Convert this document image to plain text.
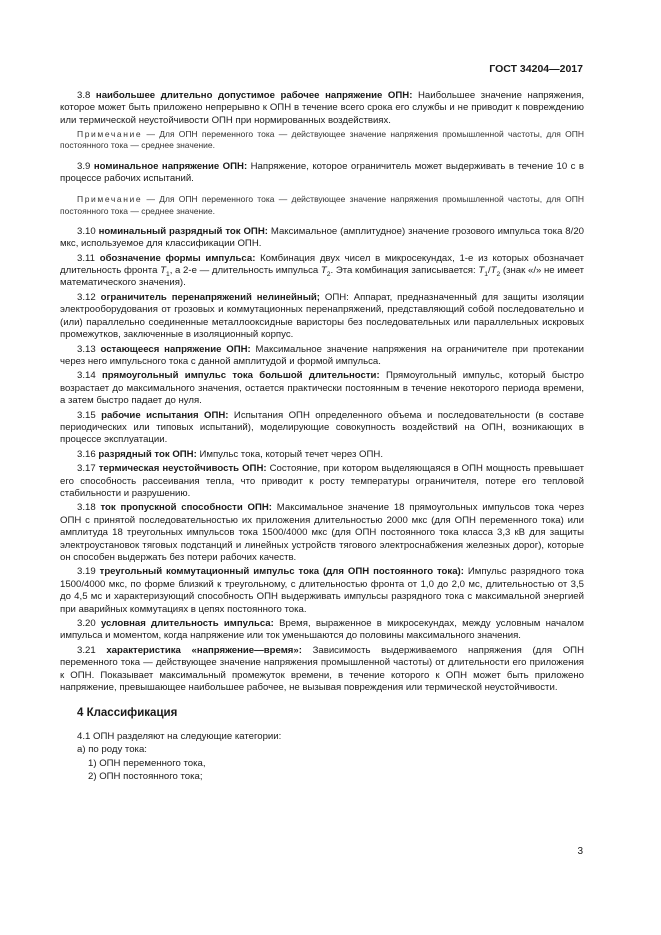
ГОСТ 34204—2017

3.8 наибольшее длительно допустимое рабочее напряжение ОПН: Наибольшее значение напряжения, которое может быть приложено непрерывно к ОПН в течение всего срока его службы и не приводит к повреждению или термической неустойчивости ОПН при нормированных воздействиях.

Примечание — Для ОПН переменного тока — действующее значение напряжения промышленной частоты, для ОПН постоянного тока — среднее значение.

3.9 номинальное напряжение ОПН: Напряжение, которое ограничитель может выдерживать в течение 10 с в процессе рабочих испытаний.

Примечание — Для ОПН переменного тока — действующее значение напряжения промышленной частоты, для ОПН постоянного тока — среднее значение.

3.10 номинальный разрядный ток ОПН: Максимальное (амплитудное) значение грозового импульса тока 8/20 мкс, используемое для классификации ОПН.

3.11 обозначение формы импульса: Комбинация двух чисел в микросекундах, 1-е из которых обозначает длительность фронта $T_1$, а 2-е — длительность импульса $T_2$. Эта комбинация записывается: $T_1/T_2$ (знак «/» не имеет математического значения).

3.12 ограничитель перенапряжений нелинейный; ОПН: Аппарат, предназначенный для защиты изоляции электрооборудования от грозовых и коммутационных перенапряжений, представляющий собой последовательно и (или) параллельно соединенные металлооксидные варисторы без последовательных или параллельных искровых промежутков, заключенные в изоляционный корпус.

3.13 остающееся напряжение ОПН: Максимальное значение напряжения на ограничителе при протекании через него импульсного тока с данной амплитудой и формой импульса.

3.14 прямоугольный импульс тока большой длительности: Прямоугольный импульс, который быстро возрастает до максимального значения, остается практически постоянным в течение некоторого периода времени, а затем быстро падает до нуля.

3.15 рабочие испытания ОПН: Испытания ОПН определенного объема и последовательности (в составе периодических или типовых испытаний), моделирующие совокупность воздействий на ОПН, возникающих в процессе эксплуатации.

3.16 разрядный ток ОПН: Импульс тока, который течет через ОПН.

3.17 термическая неустойчивость ОПН: Состояние, при котором выделяющаяся в ОПН мощность превышает его способность рассеивания тепла, что приводит к росту температуры ограничителя, потере его тепловой стабильности и разрушению.

3.18 ток пропускной способности ОПН: Максимальное значение 18 прямоугольных импульсов тока через ОПН с принятой последовательностью их приложения длительностью 2000 мкс (для ОПН переменного тока) или амплитуда 18 треугольных импульсов тока 1500/4000 мкс (для ОПН постоянного тока класса 3,3 кВ для защиты электроустановок тяговых подстанций и линейных устройств тягового электроснабжения железных дорог), которые он способен выдержать без потери рабочих качеств.

3.19 треугольный коммутационный импульс тока (для ОПН постоянного тока): Импульс разрядного тока 1500/4000 мкс, по форме близкий к треугольному, с длительностью фронта от 1,0 до 2,0 мс, длительностью от 3,5 до 4,5 мс и характеризующий способность ОПН выдерживать импульсы разрядного тока с максимальной энергией при аварийных коммутациях в цепях постоянного тока.

3.20 условная длительность импульса: Время, выраженное в микросекундах, между условным началом импульса и моментом, когда напряжение или ток уменьшаются до половины максимального значения.

3.21 характеристика «напряжение—время»: Зависимость выдерживаемого напряжения (для ОПН переменного тока — действующее значение напряжения промышленной частоты) от длительности его приложения к ОПН. Показывает максимальный промежуток времени, в течение которого к ОПН может быть приложено напряжение, превышающее наибольшее рабочее, не вызывая повреждения или термической неустойчивости.

4 Классификация

4.1 ОПН разделяют на следующие категории:

а) по роду тока:

1) ОПН переменного тока,

2) ОПН постоянного тока;

3
